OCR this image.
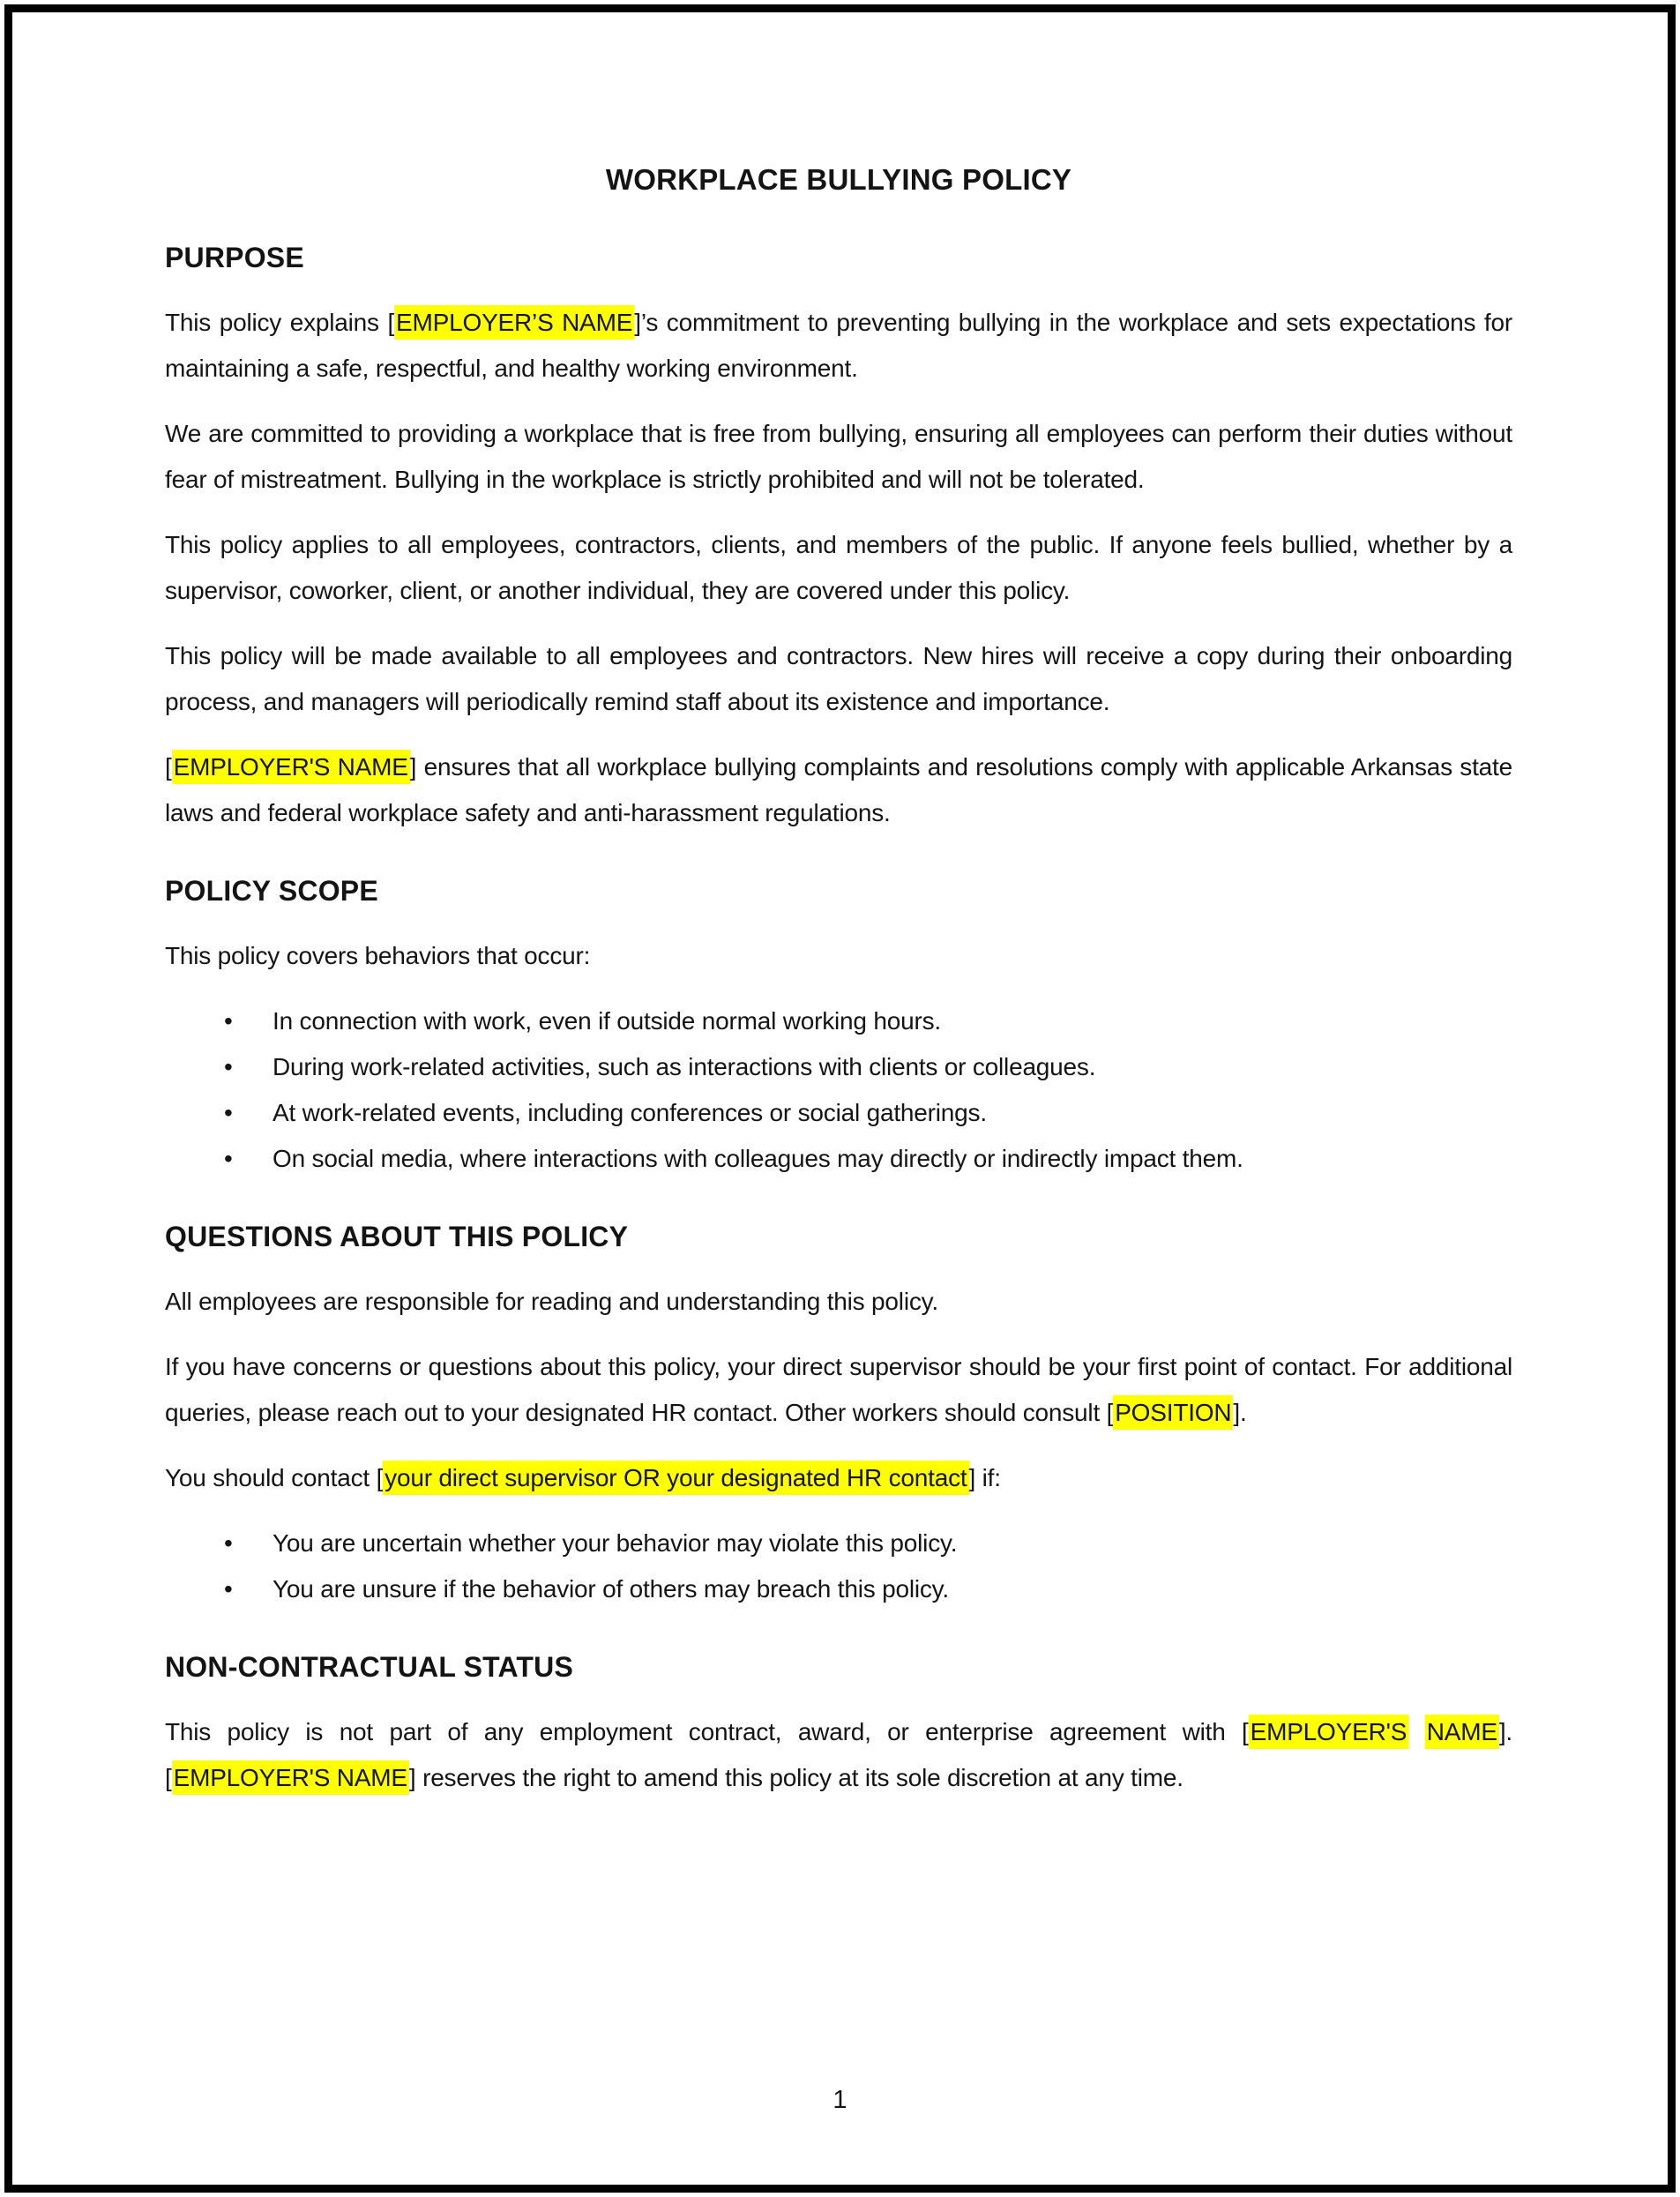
WORKPLACE BULLYING POLICY
PURPOSE

This policy explains [EMPLOYER’S NAME]’s commitment to preventing bullying in the workplace and sets expectations for maintaining a safe, respectful, and healthy working environment.

We are committed to providing a workplace that is free from bullying, ensuring all employees can perform their duties without fear of mistreatment. Bullying in the workplace is strictly prohibited and will not be tolerated.

This policy applies to all employees, contractors, clients, and members of the public. If anyone feels bullied, whether by a supervisor, coworker, client, or another individual, they are covered under this policy.

This policy will be made available to all employees and contractors. New hires will receive a copy during their onboarding process, and managers will periodically remind staff about its existence and importance.

[EMPLOYER'S NAME] ensures that all workplace bullying complaints and resolutions comply with applicable Arkansas state laws and federal workplace safety and anti-harassment regulations.

POLICY SCOPE

This policy covers behaviors that occur:

• In connection with work, even if outside normal working hours.
• During work-related activities, such as interactions with clients or colleagues.
• At work-related events, including conferences or social gatherings.
• On social media, where interactions with colleagues may directly or indirectly impact them.
QUESTIONS ABOUT THIS POLICY

All employees are responsible for reading and understanding this policy.

If you have concerns or questions about this policy, your direct supervisor should be your first point of contact. For additional queries, please reach out to your designated HR contact. Other workers should consult [POSITION].

You should contact [your direct supervisor OR your designated HR contact] if:

• You are uncertain whether your behavior may violate this policy.
• You are unsure if the behavior of others may breach this policy.
NON-CONTRACTUAL STATUS

This policy is not part of any employment contract, award, or enterprise agreement with [EMPLOYER'S NAME]. [EMPLOYER'S NAME] reserves the right to amend this policy at its sole discretion at any time.

1
